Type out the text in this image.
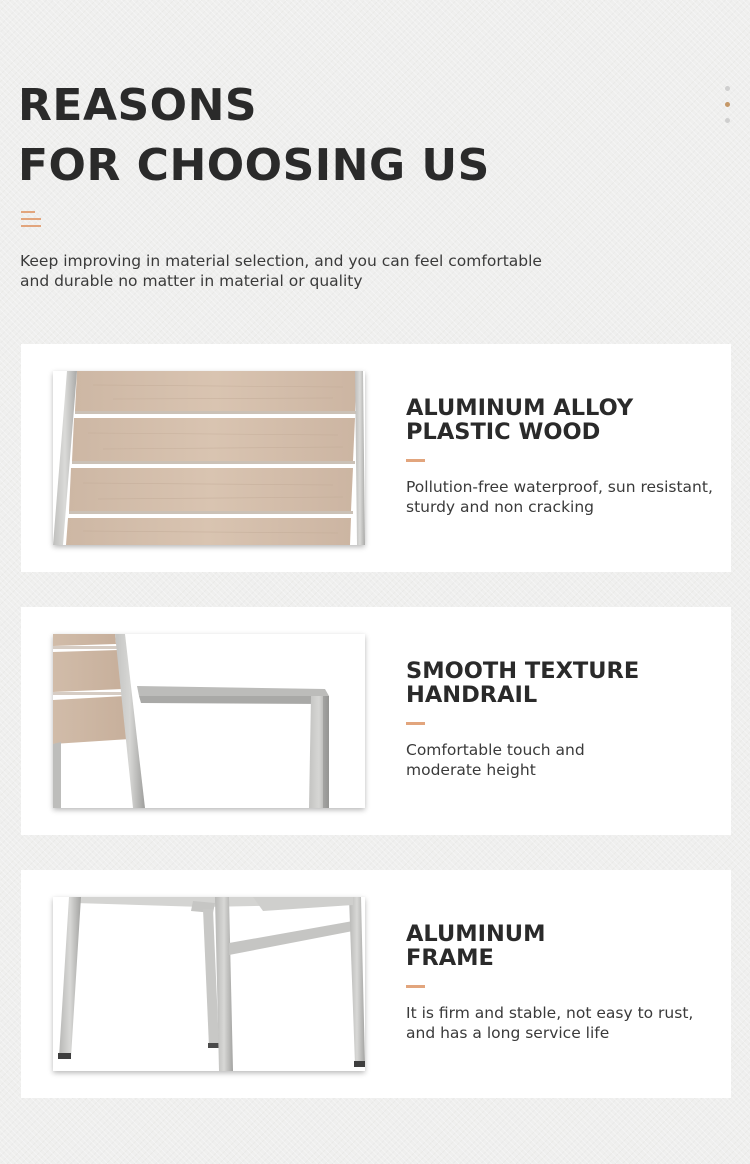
REASONS
FOR CHOOSING US

Keep improving in material selection, and you can feel comfortable and durable no matter in material or quality

ALUMINUM ALLOY
PLASTIC WOOD

Pollution-free waterproof, sun resistant,
sturdy and non cracking

SMOOTH TEXTURE
HANDRAIL

Comfortable touch and
moderate height

ALUMINUM
FRAME

It is firm and stable, not easy to rust,
and has a long service life
